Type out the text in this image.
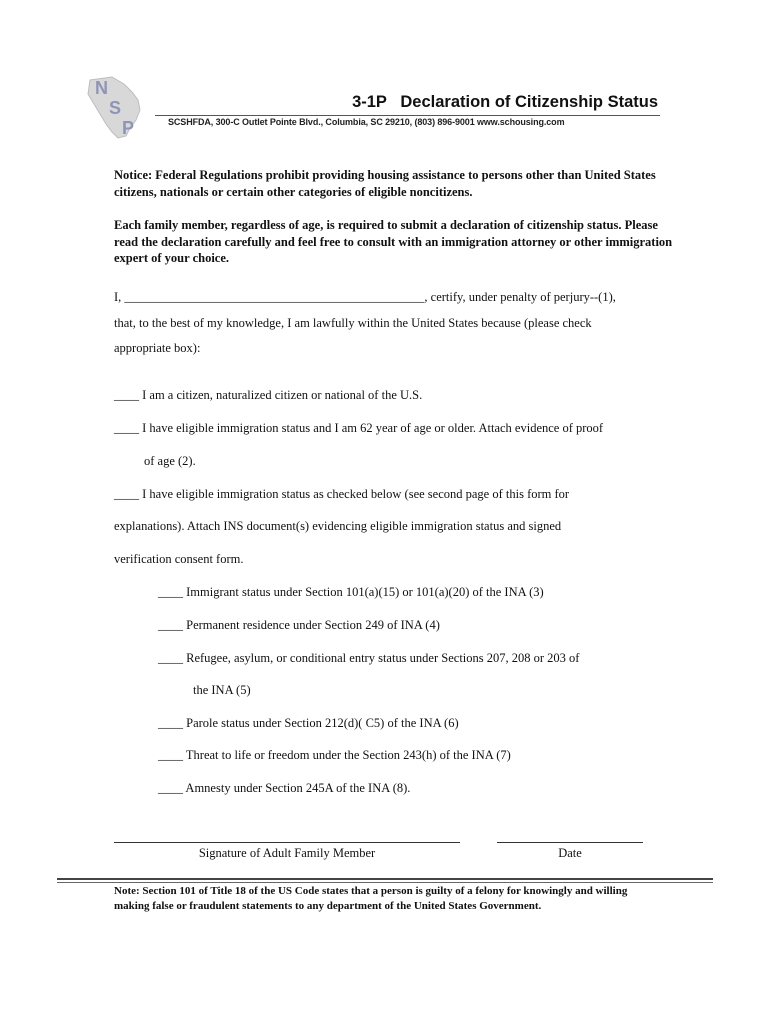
N
S
P
3-1P   Declaration of Citizenship Status
SCSHFDA, 300-C Outlet Pointe Blvd., Columbia, SC 29210, (803) 896-9001 www.schousing.com
Notice: Federal Regulations prohibit providing housing assistance to persons other than United States citizens, nationals or certain other categories of eligible noncitizens.
Each family member, regardless of age, is required to submit a declaration of citizenship status. Please read the declaration carefully and feel free to consult with an immigration attorney or other immigration expert of your choice.
I, ________________________________________________, certify, under penalty of perjury--(1),
that, to the best of my knowledge, I am lawfully within the United States because (please check
appropriate box):
____ I am a citizen, naturalized citizen or national of the U.S.
____ I have eligible immigration status and I am 62 year of age or older. Attach evidence of proof
of age (2).
____ I have eligible immigration status as checked below (see second page of this form for
explanations). Attach INS document(s) evidencing eligible immigration status and signed
verification consent form.
____ Immigrant status under Section 101(a)(15) or 101(a)(20) of the INA (3)
____ Permanent residence under Section 249 of INA (4)
____ Refugee, asylum, or conditional entry status under Sections 207, 208 or 203 of
the INA (5)
____ Parole status under Section 212(d)( C5) of the INA (6)
____ Threat to life or freedom under the Section 243(h) of the INA (7)
____ Amnesty under Section 245A of the INA (8).
Signature of Adult Family Member	Date
Note: Section 101 of Title 18 of the US Code states that a person is guilty of a felony for knowingly and willing making false or fraudulent statements to any department of the United States Government.
